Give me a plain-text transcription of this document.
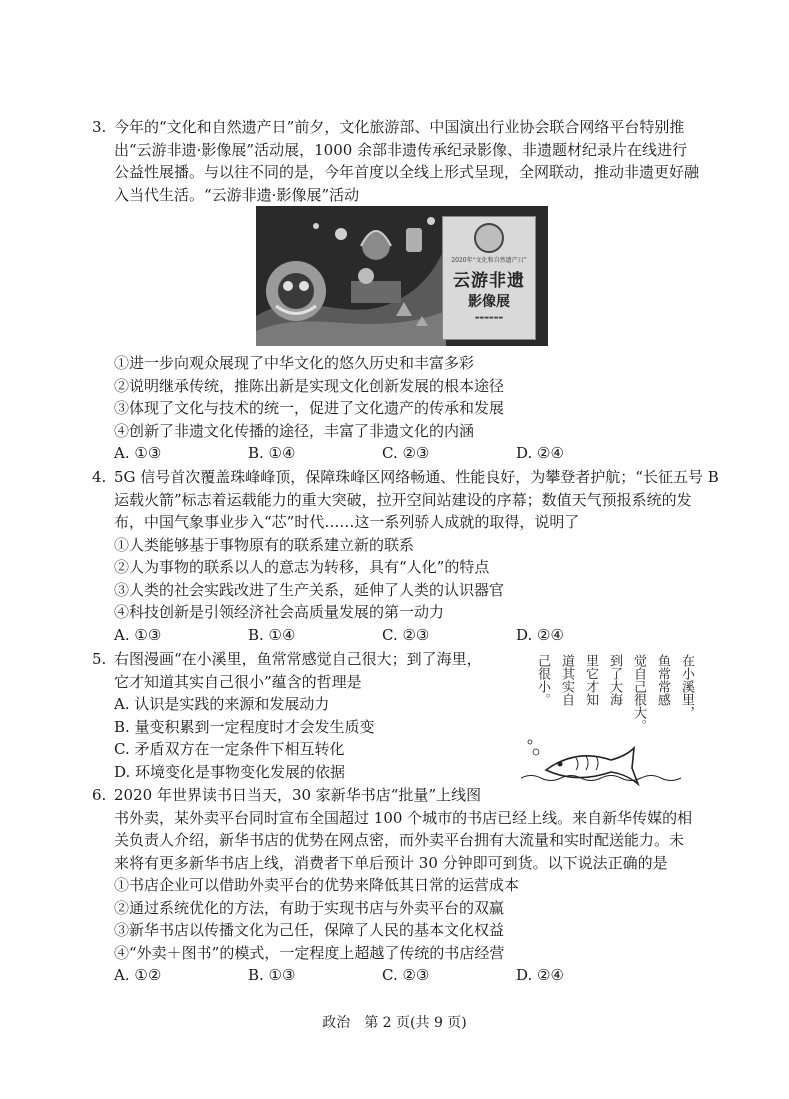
3. 今年的“文化和自然遗产日”前夕，文化旅游部、中国演出行业协会联合网络平台特别推

出“云游非遗·影像展”活动展，1000 余部非遗传承纪录影像、非遗题材纪录片在线进行

公益性展播。与以往不同的是，今年首度以全线上形式呈现，全网联动，推动非遗更好融

入当代生活。“云游非遗·影像展”活动

2020年“文化和自然遗产日”
云游非遗
影像展
▬▬▬▬▬▬

①进一步向观众展现了中华文化的悠久历史和丰富多彩

②说明继承传统，推陈出新是实现文化创新发展的根本途径

③体现了文化与技术的统一，促进了文化遗产的传承和发展

④创新了非遗文化传播的途径，丰富了非遗文化的内涵

A. ①③	B. ①④	C. ②③	D. ②④

4. 5G 信号首次覆盖珠峰峰顶，保障珠峰区网络畅通、性能良好，为攀登者护航；“长征五号 B

运载火箭”标志着运载能力的重大突破，拉开空间站建设的序幕；数值天气预报系统的发

布，中国气象事业步入“芯”时代……这一系列骄人成就的取得，说明了

①人类能够基于事物原有的联系建立新的联系

②人为事物的联系以人的意志为转移，具有“人化”的特点

③人类的社会实践改进了生产关系，延伸了人类的认识器官

④科技创新是引领经济社会高质量发展的第一动力

A. ①③	B. ①④	C. ②③	D. ②④

5. 右图漫画“在小溪里，鱼常常感觉自己很大；到了海里，

它才知道其实自己很小”蕴含的哲理是

A. 认识是实践的来源和发展动力

B. 量变积累到一定程度时才会发生质变

C. 矛盾双方在一定条件下相互转化

D. 环境变化是事物变化发展的依据

在小溪里，
鱼常常感
觉自己很大。
到了大海
里它才知
道其实自
己很小。

6. 2020 年世界读书日当天，30 家新华书店“批量”上线图

书外卖，某外卖平台同时宣布全国超过 100 个城市的书店已经上线。来自新华传媒的相

关负责人介绍，新华书店的优势在网点密，而外卖平台拥有大流量和实时配送能力。未

来将有更多新华书店上线，消费者下单后预计 30 分钟即可到货。以下说法正确的是

①书店企业可以借助外卖平台的优势来降低其日常的运营成本

②通过系统优化的方法，有助于实现书店与外卖平台的双赢

③新华书店以传播文化为己任，保障了人民的基本文化权益

④“外卖＋图书”的模式，一定程度上超越了传统的书店经营

A. ①②	B. ①③	C. ②③	D. ②④
政治　第 2 页(共 9 页)
